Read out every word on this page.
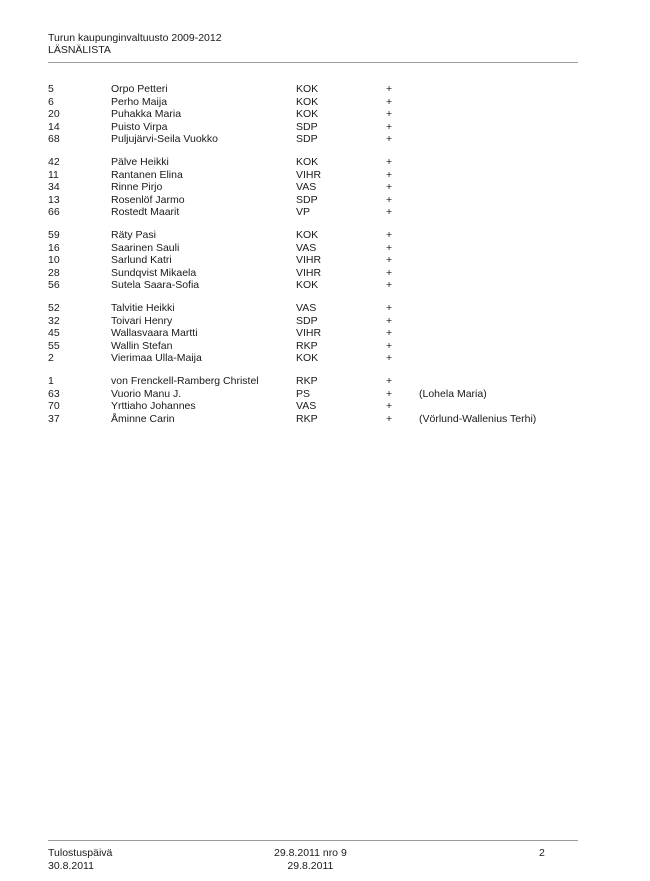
Turun kaupunginvaltuusto 2009-2012
LÄSNÄLISTA
5	Orpo Petteri	KOK	+
6	Perho Maija	KOK	+
20	Puhakka Maria	KOK	+
14	Puisto Virpa	SDP	+
68	Puljujärvi-Seila Vuokko	SDP	+
42	Pälve Heikki	KOK	+
11	Rantanen Elina	VIHR	+
34	Rinne Pirjo	VAS	+
13	Rosenlöf Jarmo	SDP	+
66	Rostedt Maarit	VP	+
59	Räty Pasi	KOK	+
16	Saarinen Sauli	VAS	+
10	Sarlund Katri	VIHR	+
28	Sundqvist Mikaela	VIHR	+
56	Sutela Saara-Sofia	KOK	+
52	Talvitie Heikki	VAS	+
32	Toivari Henry	SDP	+
45	Wallasvaara Martti	VIHR	+
55	Wallin Stefan	RKP	+
2	Vierimaa Ulla-Maija	KOK	+
1	von Frenckell-Ramberg Christel	RKP	+
63	Vuorio Manu J.	PS	+	(Lohela Maria)
70	Yrttiaho Johannes	VAS	+
37	Åminne Carin	RKP	+	(Vörlund-Wallenius Terhi)
Tulostuspäivä
30.8.2011
29.8.2011 nro 9
29.8.2011
2
